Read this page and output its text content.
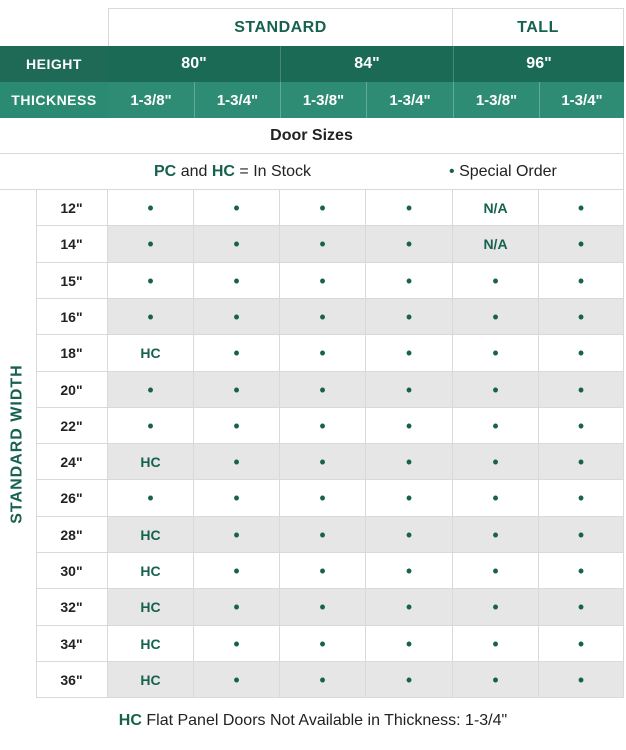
STANDARD	TALL
HEIGHT	80"	84"	96"
THICKNESS	1-3/8"	1-3/4"	1-3/8"	1-3/4"	1-3/8"	1-3/4"
Door Sizes
PC and HC = In Stock	• Special Order
STANDARD WIDTH
12"	•	•	•	•	N/A	•
14"	•	•	•	•	N/A	•
15"	•	•	•	•	•	•
16"	•	•	•	•	•	•
18"	HC	•	•	•	•	•
20"	•	•	•	•	•	•
22"	•	•	•	•	•	•
24"	HC	•	•	•	•	•
26"	•	•	•	•	•	•
28"	HC	•	•	•	•	•
30"	HC	•	•	•	•	•
32"	HC	•	•	•	•	•
34"	HC	•	•	•	•	•
36"	HC	•	•	•	•	•
HC Flat Panel Doors Not Available in Thickness: 1-3/4"
